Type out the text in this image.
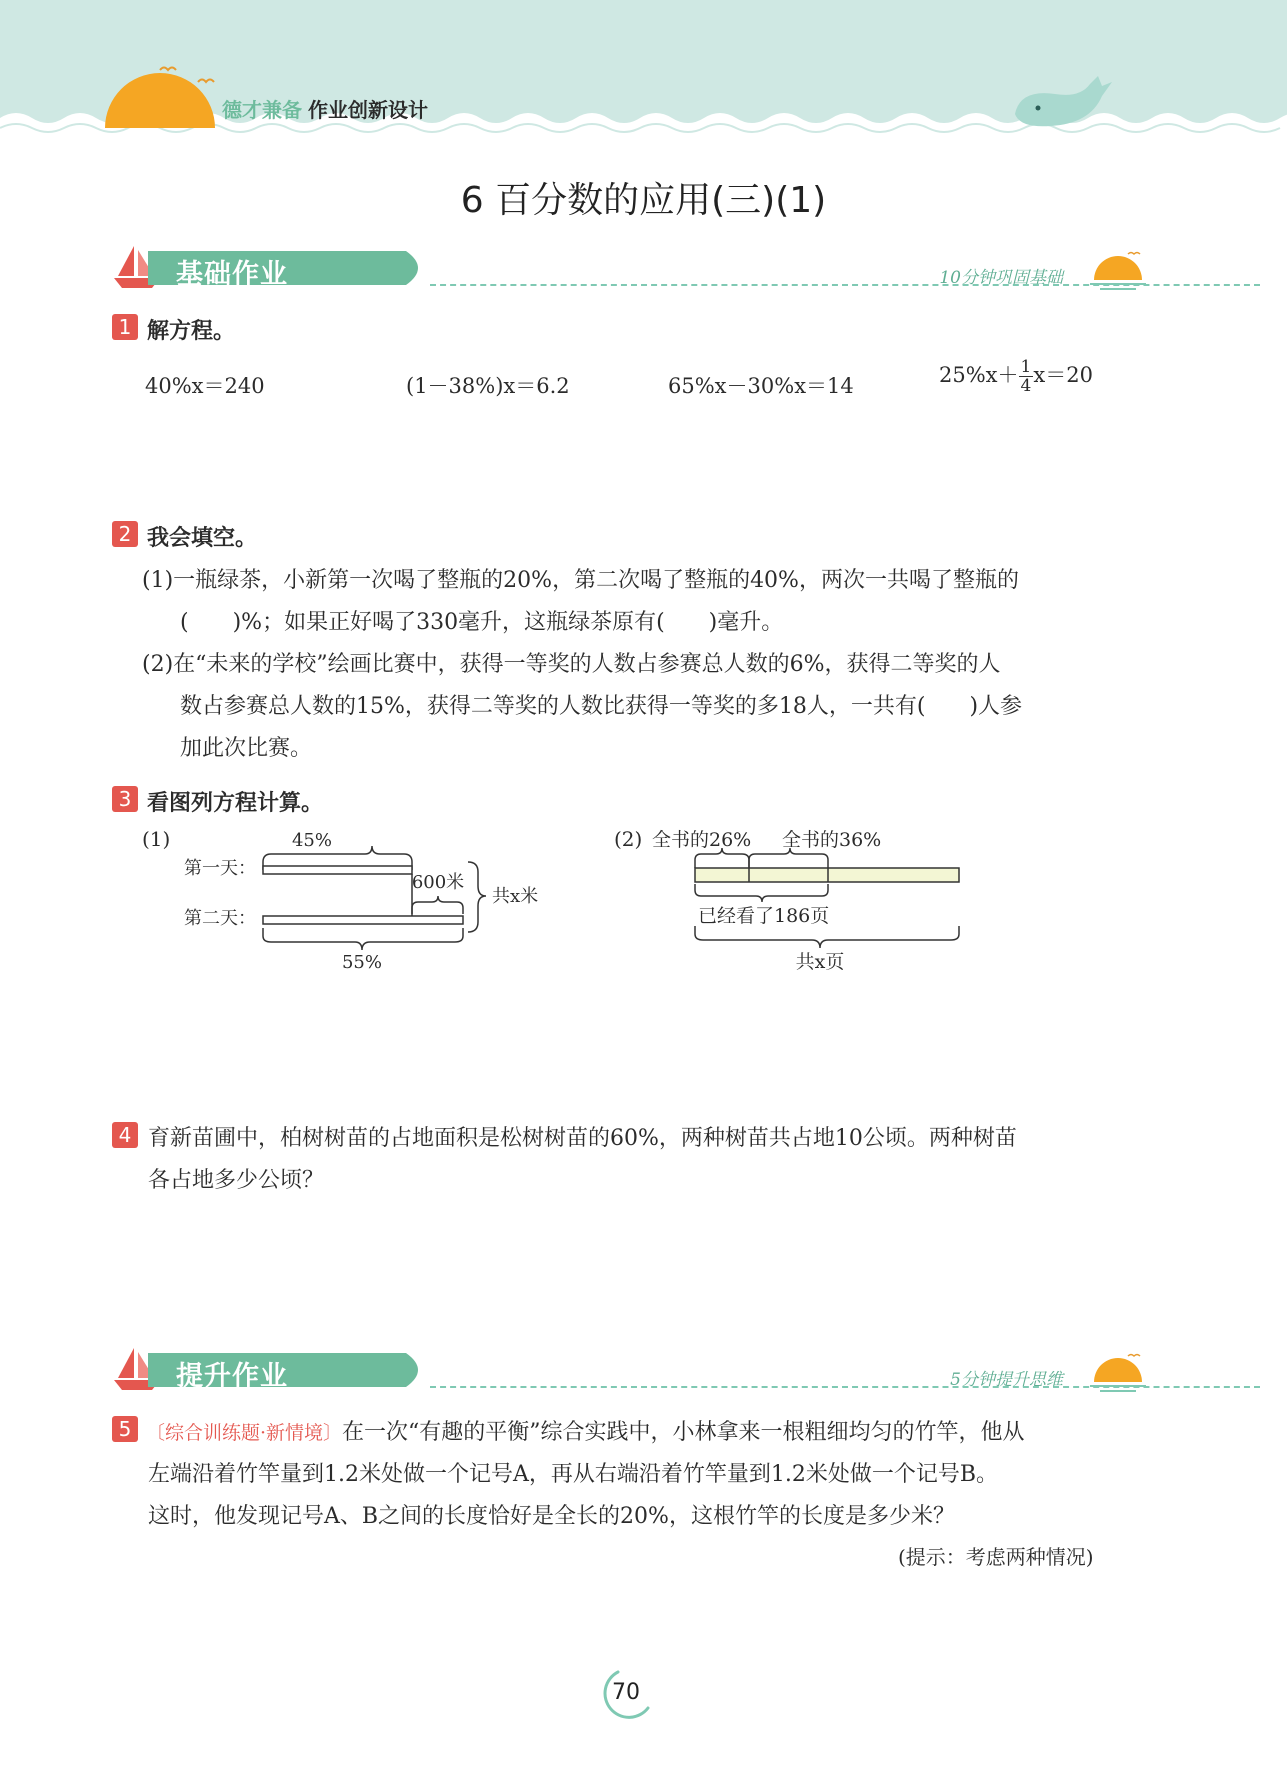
德才兼备 作业创新设计
6 百分数的应用(三)(1)
基础作业	10分钟巩固基础
1 解方程。
40%x＝240	(1－38%)x＝6.2	65%x－30%x＝14	$25\%x+ \frac{1}{4} x=20$
2 我会填空。
(1)一瓶绿茶，小新第一次喝了整瓶的20%，第二次喝了整瓶的40%，两次一共喝了整瓶的
(　　)%；如果正好喝了330毫升，这瓶绿茶原有(　　)毫升。
(2)在“未来的学校”绘画比赛中，获得一等奖的人数占参赛总人数的6%，获得二等奖的人
数占参赛总人数的15%，获得二等奖的人数比获得一等奖的多18人，一共有(　　)人参
加此次比赛。
3 看图列方程计算。
(1)	45%
第一天：
第二天：
600米
共x米
55%
(2) 全书的26% 全书的36%
已经看了186页
共x页
4 育新苗圃中，柏树树苗的占地面积是松树树苗的60%，两种树苗共占地10公顷。两种树苗
各占地多少公顷？
提升作业	5分钟提升思维
5 〔综合训练题·新情境〕在一次“有趣的平衡”综合实践中，小林拿来一根粗细均匀的竹竿，他从
左端沿着竹竿量到1.2米处做一个记号A，再从右端沿着竹竿量到1.2米处做一个记号B。
这时，他发现记号A、B之间的长度恰好是全长的20%，这根竹竿的长度是多少米？
(提示：考虑两种情况)
70
